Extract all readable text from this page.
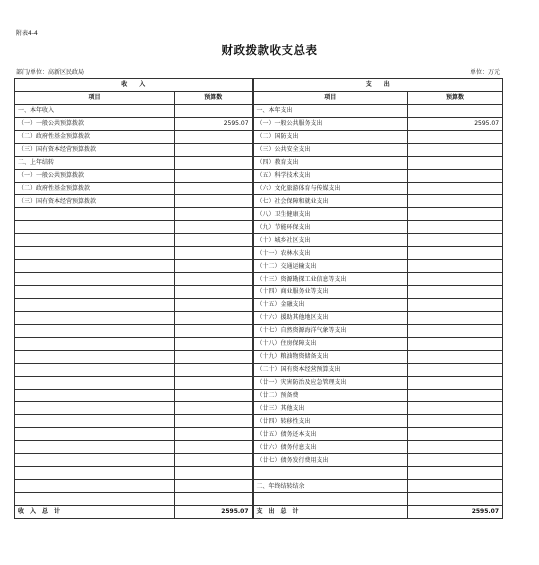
附表4-4
财政拨款收支总表
部门/单位：高新区民政局	单位：万元
收　　入		支　　出	
项目	预算数	项目	预算数
一、本年收入		一、本年支出	
（一）一般公共预算拨款	2595.07	（一）一般公共服务支出	2595.07
（二）政府性基金预算拨款		（二）国防支出	
（三）国有资本经营预算拨款		（三）公共安全支出	
二、上年结转		（四）教育支出	
（一）一般公共预算拨款		（五）科学技术支出	
（二）政府性基金预算拨款		（六）文化旅游体育与传媒支出	
（三）国有资本经营预算拨款		（七）社会保障和就业支出	
		（八）卫生健康支出	
		（九）节能环保支出	
		（十）城乡社区支出	
		（十一）农林水支出	
		（十二）交通运输支出	
		（十三）资源勘探工业信息等支出	
		（十四）商业服务业等支出	
		（十五）金融支出	
		（十六）援助其他地区支出	
		（十七）自然资源海洋气象等支出	
		（十八）住房保障支出	
		（十九）粮油物资储备支出	
		（二十）国有资本经营预算支出	
		（廿一）灾害防治及应急管理支出	
		（廿二）预备费	
		（廿三）其他支出	
		（廿四）转移性支出	
		（廿五）债务还本支出	
		（廿六）债务付息支出	
		（廿七）债务发行费用支出	

		二、年终结转结余	

收　入　总　计	2595.07	支　出　总　计	2595.07
